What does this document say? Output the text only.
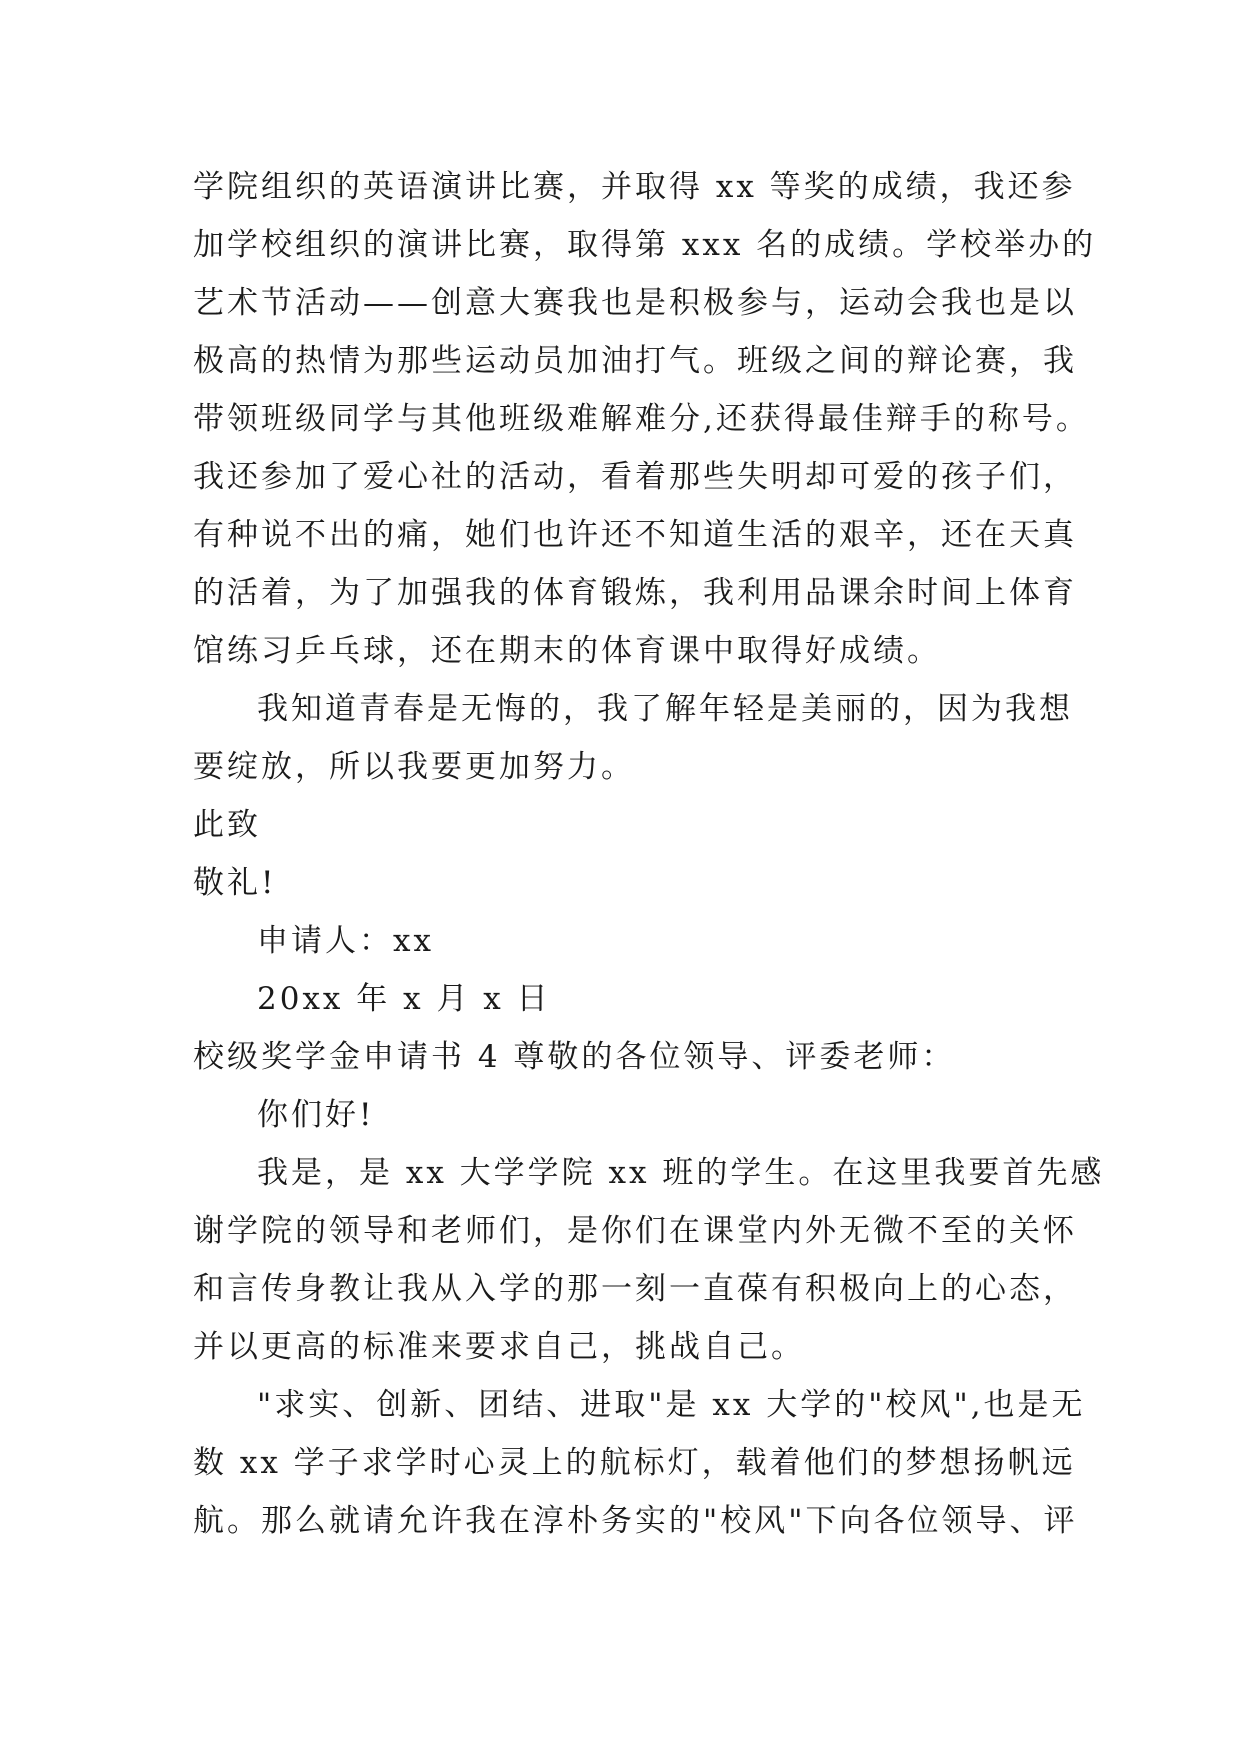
学院组织的英语演讲比赛，并取得 xx 等奖的成绩，我还参
加学校组织的演讲比赛，取得第 xxx 名的成绩。学校举办的
艺术节活动——创意大赛我也是积极参与，运动会我也是以
极高的热情为那些运动员加油打气。班级之间的辩论赛，我
带领班级同学与其他班级难解难分,还获得最佳辩手的称号。
我还参加了爱心社的活动，看着那些失明却可爱的孩子们，
有种说不出的痛，她们也许还不知道生活的艰辛，还在天真
的活着，为了加强我的体育锻炼，我利用品课余时间上体育
馆练习乒乓球，还在期末的体育课中取得好成绩。
我知道青春是无悔的，我了解年轻是美丽的，因为我想
要绽放，所以我要更加努力。
此致
敬礼!
申请人：xx
20xx 年 x 月 x 日
校级奖学金申请书 4 尊敬的各位领导、评委老师：
你们好!
我是，是 xx 大学学院 xx 班的学生。在这里我要首先感
谢学院的领导和老师们，是你们在课堂内外无微不至的关怀
和言传身教让我从入学的那一刻一直葆有积极向上的心态，
并以更高的标准来要求自己，挑战自己。
"求实、创新、团结、进取"是 xx 大学的"校风",也是无
数 xx 学子求学时心灵上的航标灯，载着他们的梦想扬帆远
航。那么就请允许我在淳朴务实的"校风"下向各位领导、评
